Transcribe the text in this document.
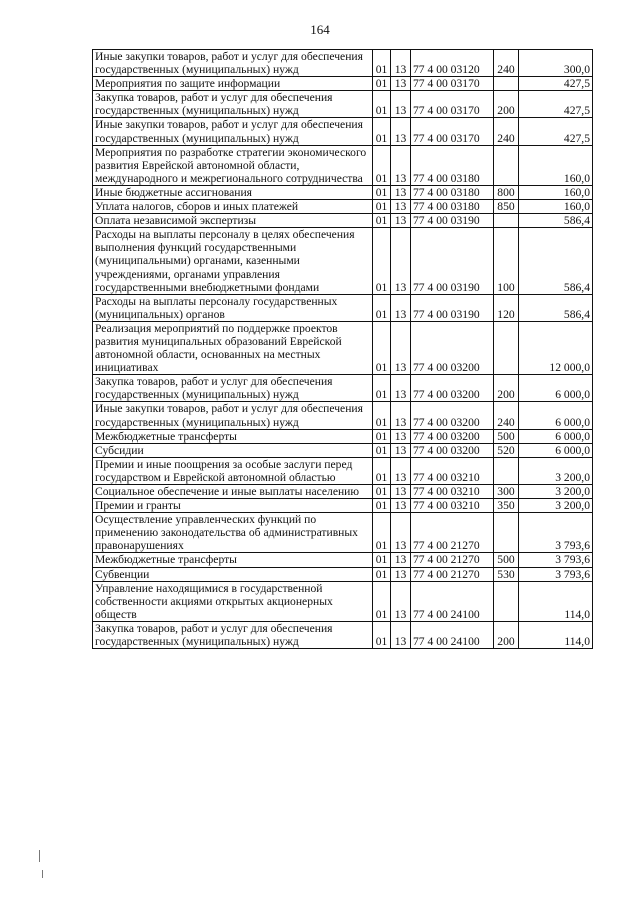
164
Иные закупки товаров, работ и услуг для обеспечения государственных (муниципальных) нужд	01	13	77 4 00 03120	240	300,0
Мероприятия по защите информации	01	13	77 4 00 03170		427,5
Закупка товаров, работ и услуг для обеспечения государственных (муниципальных) нужд	01	13	77 4 00 03170	200	427,5
Иные закупки товаров, работ и услуг для обеспечения государственных (муниципальных) нужд	01	13	77 4 00 03170	240	427,5
Мероприятия по разработке стратегии экономического развития Еврейской автономной области, международного и межрегионального сотрудничества	01	13	77 4 00 03180		160,0
Иные бюджетные ассигнования	01	13	77 4 00 03180	800	160,0
Уплата налогов, сборов и иных платежей	01	13	77 4 00 03180	850	160,0
Оплата независимой экспертизы	01	13	77 4 00 03190		586,4
Расходы на выплаты персоналу в целях обеспечения выполнения функций государственными (муниципальными) органами, казенными учреждениями, органами управления государственными внебюджетными фондами	01	13	77 4 00 03190	100	586,4
Расходы на выплаты персоналу государственных (муниципальных) органов	01	13	77 4 00 03190	120	586,4
Реализация мероприятий по поддержке проектов развития муниципальных образований Еврейской автономной области, основанных на местных инициативах	01	13	77 4 00 03200		12 000,0
Закупка товаров, работ и услуг для обеспечения государственных (муниципальных) нужд	01	13	77 4 00 03200	200	6 000,0
Иные закупки товаров, работ и услуг для обеспечения государственных (муниципальных) нужд	01	13	77 4 00 03200	240	6 000,0
Межбюджетные трансферты	01	13	77 4 00 03200	500	6 000,0
Субсидии	01	13	77 4 00 03200	520	6 000,0
Премии и иные поощрения за особые заслуги перед государством и Еврейской автономной областью	01	13	77 4 00 03210		3 200,0
Социальное обеспечение и иные выплаты населению	01	13	77 4 00 03210	300	3 200,0
Премии и гранты	01	13	77 4 00 03210	350	3 200,0
Осуществление управленческих функций по применению законодательства об административных правонарушениях	01	13	77 4 00 21270		3 793,6
Межбюджетные трансферты	01	13	77 4 00 21270	500	3 793,6
Субвенции	01	13	77 4 00 21270	530	3 793,6
Управление находящимися в государственной собственности акциями открытых акционерных обществ	01	13	77 4 00 24100		114,0
Закупка товаров, работ и услуг для обеспечения государственных (муниципальных) нужд	01	13	77 4 00 24100	200	114,0
